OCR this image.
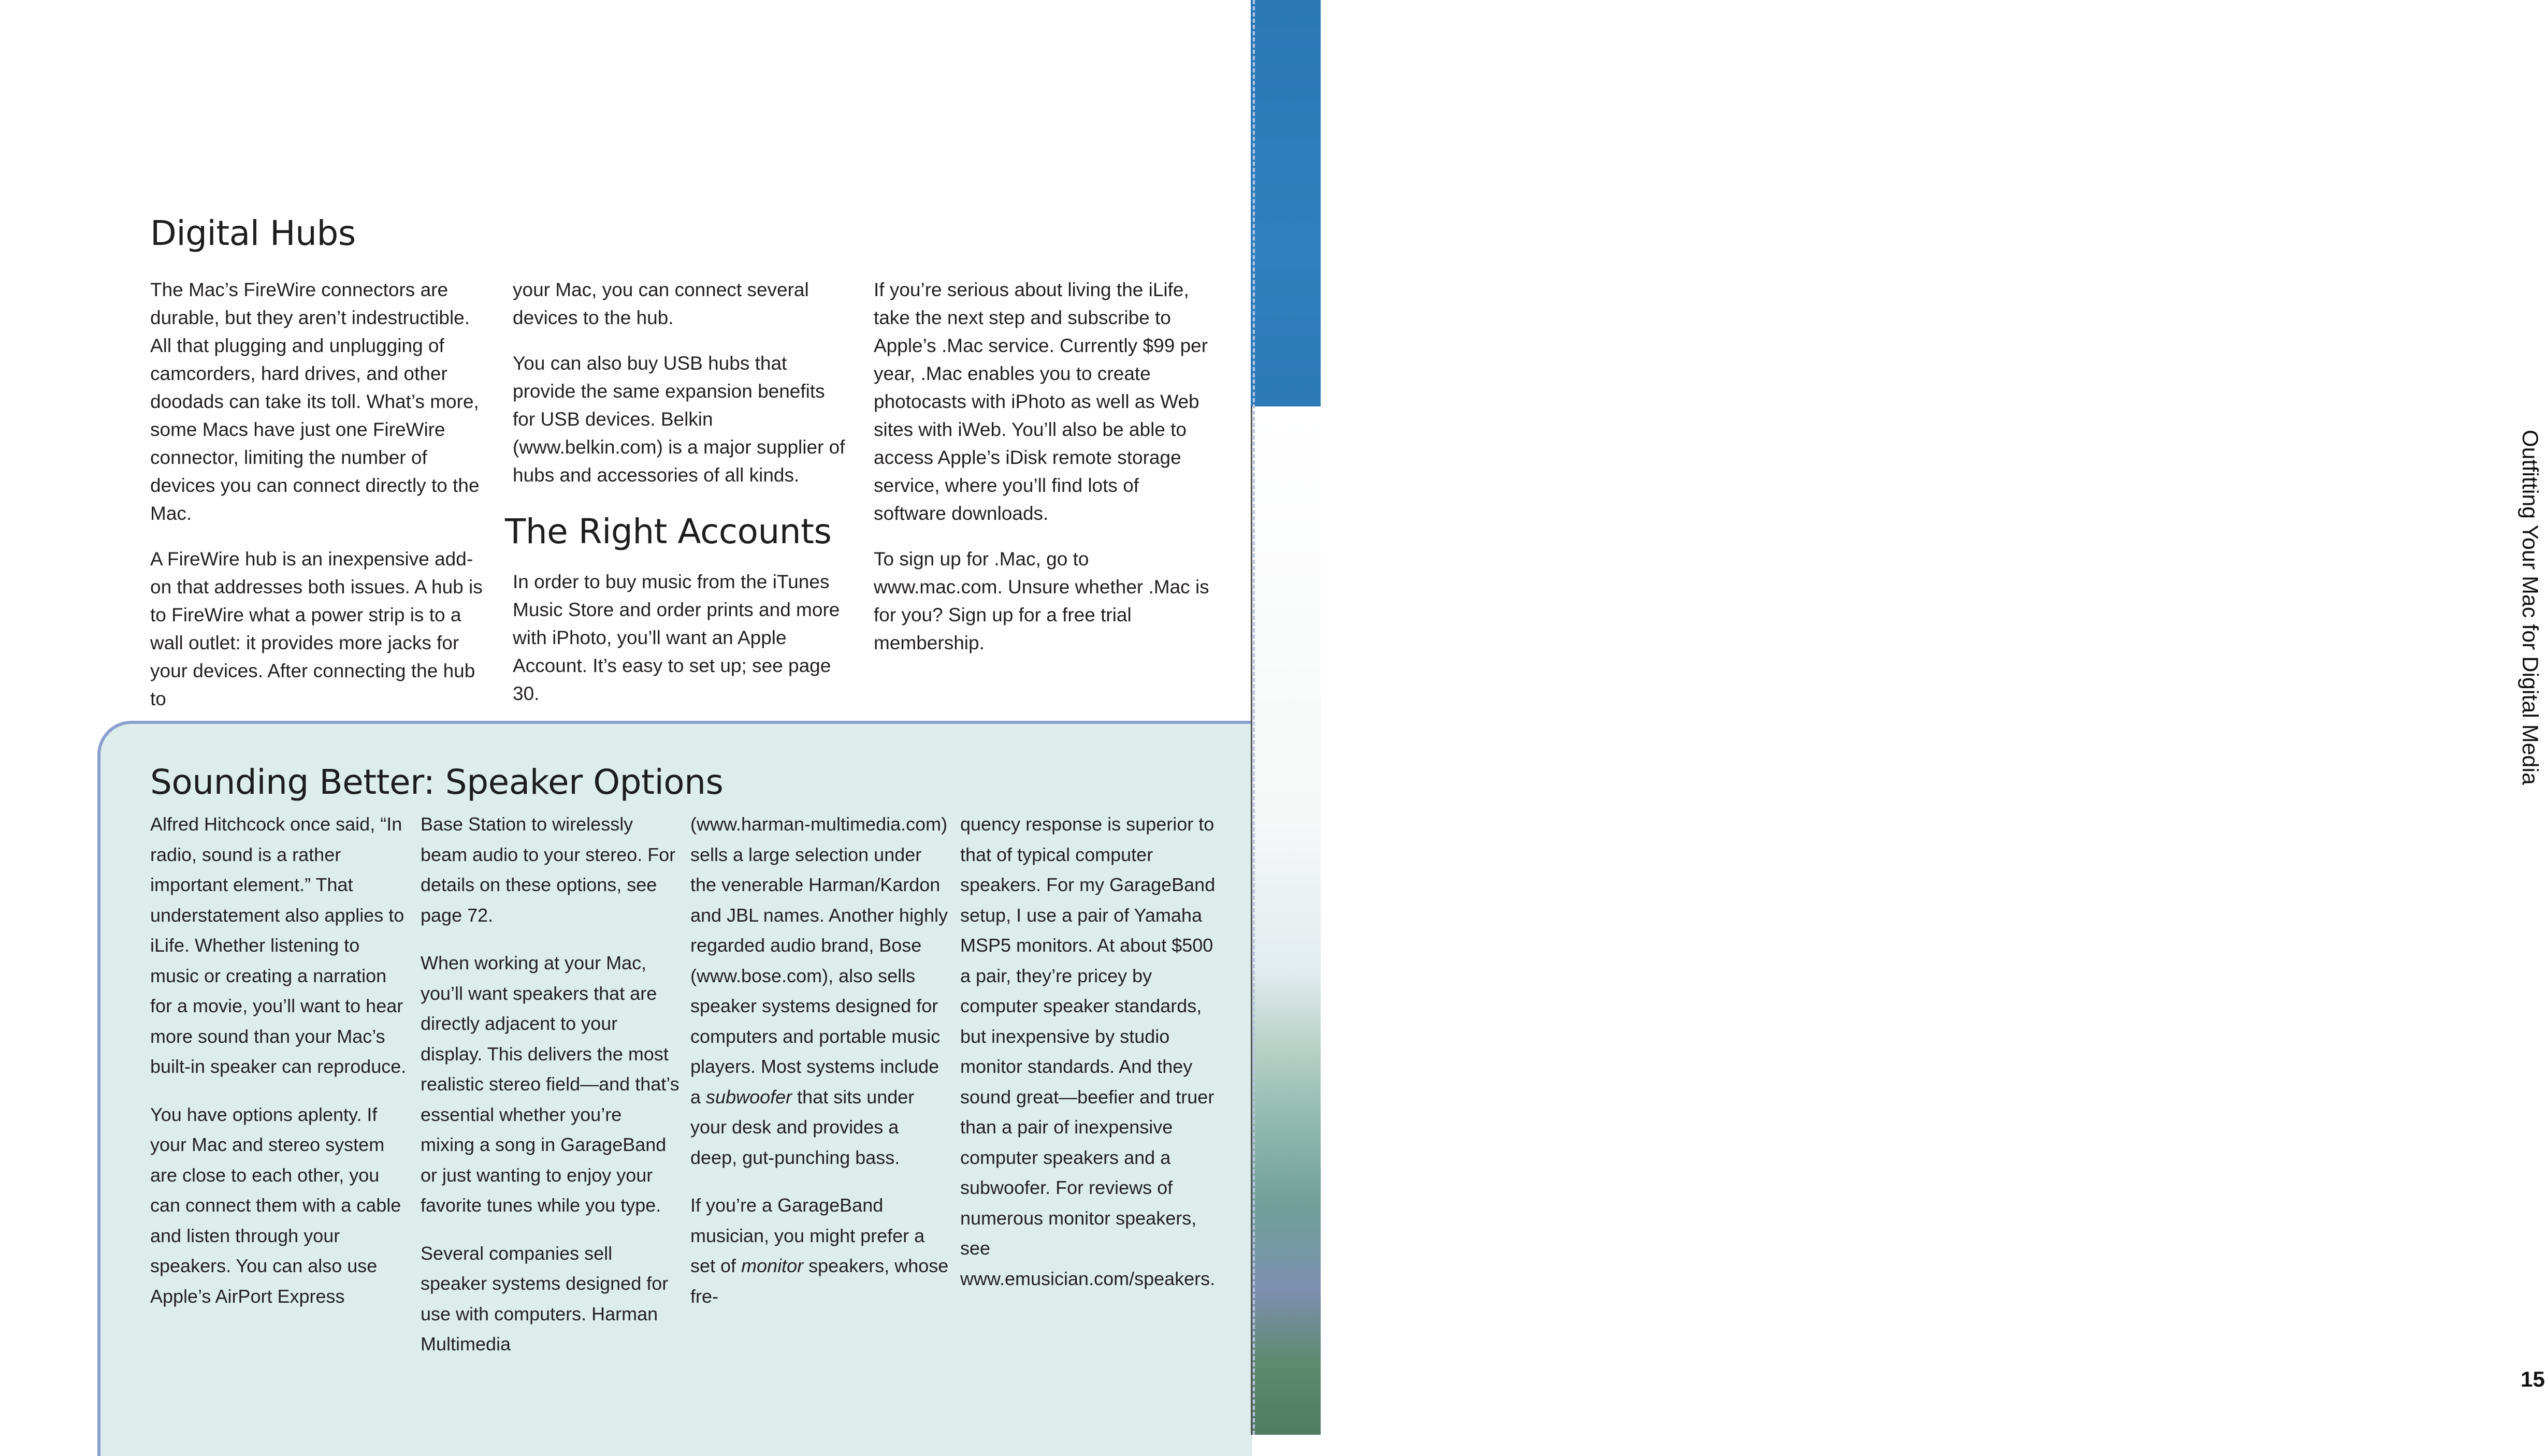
Digital Hubs

The Mac’s FireWire connectors are durable, but they aren’t indestructible. All that plugging and unplugging of camcorders, hard drives, and other doodads can take its toll. What’s more, some Macs have just one FireWire connector, limiting the number of devices you can connect directly to the Mac.

A FireWire hub is an inexpensive add-on that addresses both issues. A hub is to FireWire what a power strip is to a wall outlet: it provides more jacks for your devices. After connecting the hub to

your Mac, you can connect several devices to the hub.

You can also buy USB hubs that provide the same expansion benefits for USB devices. Belkin (www.belkin.com) is a major supplier of hubs and accessories of all kinds.

The Right Accounts

In order to buy music from the iTunes Music Store and order prints and more with iPhoto, you’ll want an Apple Account. It’s easy to set up; see page 30.

If you’re serious about living the iLife, take the next step and subscribe to Apple’s .Mac service. Currently $99 per year, .Mac enables you to create photocasts with iPhoto as well as Web sites with iWeb. You’ll also be able to access Apple’s iDisk remote storage service, where you’ll find lots of software downloads.

To sign up for .Mac, go to www.mac.com. Unsure whether .Mac is for you? Sign up for a free trial membership.

Sounding Better: Speaker Options

Alfred Hitchcock once said, “In radio, sound is a rather important element.” That understatement also applies to iLife. Whether listening to music or creating a narration for a movie, you’ll want to hear more sound than your Mac’s built-in speaker can reproduce.

You have options aplenty. If your Mac and stereo system are close to each other, you can connect them with a cable and listen through your speakers. You can also use Apple’s AirPort Express

Base Station to wirelessly beam audio to your stereo. For details on these options, see page 72.

When working at your Mac, you’ll want speakers that are directly adjacent to your display. This delivers the most realistic stereo field—and that’s essential whether you’re mixing a song in GarageBand or just wanting to enjoy your favorite tunes while you type.

Several companies sell speaker systems designed for use with computers. Harman Multimedia

(www.harman-multimedia.com) sells a large selection under the venerable Harman/Kardon and JBL names. Another highly regarded audio brand, Bose (www.bose.com), also sells speaker systems designed for computers and portable music players. Most systems include a subwoofer that sits under your desk and provides a deep, gut-punching bass.

If you’re a GarageBand musician, you might prefer a set of monitor speakers, whose fre-

quency response is superior to that of typical computer speakers. For my GarageBand setup, I use a pair of Yamaha MSP5 monitors. At about $500 a pair, they’re pricey by computer speaker standards, but inexpensive by studio monitor standards. And they sound great—beefier and truer than a pair of inexpensive computer speakers and a subwoofer. For reviews of numerous monitor speakers, see www.emusician.com/speakers.

Introducing iLife
Outfitting Your Mac for Digital Media
15
